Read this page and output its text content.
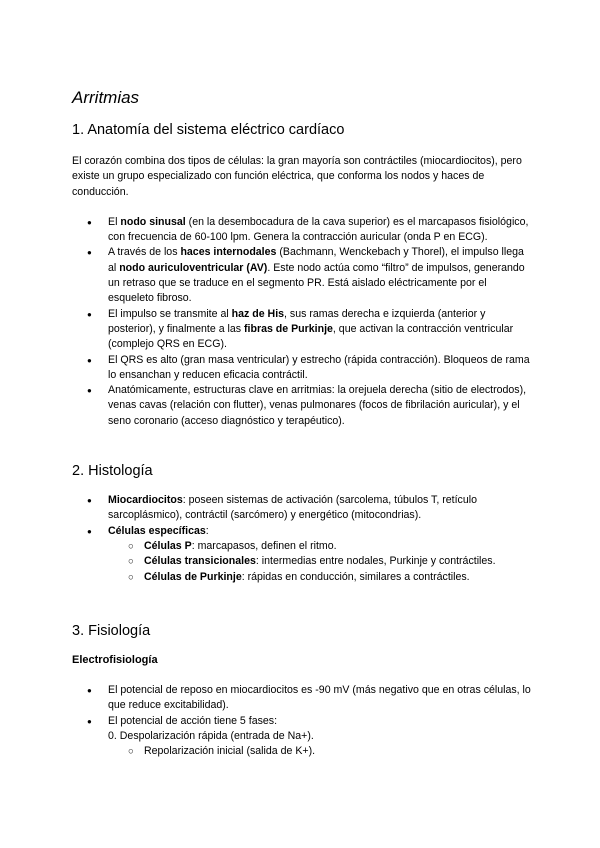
Arritmias
1. Anatomía del sistema eléctrico cardíaco

El corazón combina dos tipos de células: la gran mayoría son contráctiles (miocardiocitos), pero existe un grupo especializado con función eléctrica, que conforma los nodos y haces de conducción.

● El nodo sinusal (en la desembocadura de la cava superior) es el marcapasos fisiológico, con frecuencia de 60-100 lpm. Genera la contracción auricular (onda P en ECG).
● A través de los haces internodales (Bachmann, Wenckebach y Thorel), el impulso llega al nodo auriculoventricular (AV). Este nodo actúa como “filtro” de impulsos, generando un retraso que se traduce en el segmento PR. Está aislado eléctricamente por el esqueleto fibroso.
● El impulso se transmite al haz de His, sus ramas derecha e izquierda (anterior y posterior), y finalmente a las fibras de Purkinje, que activan la contracción ventricular (complejo QRS en ECG).
● El QRS es alto (gran masa ventricular) y estrecho (rápida contracción). Bloqueos de rama lo ensanchan y reducen eficacia contráctil.
● Anatómicamente, estructuras clave en arritmias: la orejuela derecha (sitio de electrodos), venas cavas (relación con flutter), venas pulmonares (focos de fibrilación auricular), y el seno coronario (acceso diagnóstico y terapéutico).
2. Histología
● Miocardiocitos: poseen sistemas de activación (sarcolema, túbulos T, retículo sarcoplásmico), contráctil (sarcómero) y energético (mitocondrias).
● Células específicas:
○ Células P: marcapasos, definen el ritmo.
○ Células transicionales: intermedias entre nodales, Purkinje y contráctiles.
○ Células de Purkinje: rápidas en conducción, similares a contráctiles.
3. Fisiología

Electrofisiología

● El potencial de reposo en miocardiocitos es -90 mV (más negativo que en otras células, lo que reduce excitabilidad).
● El potencial de acción tiene 5 fases:

0. Despolarización rápida (entrada de Na+).

○ Repolarización inicial (salida de K+).
